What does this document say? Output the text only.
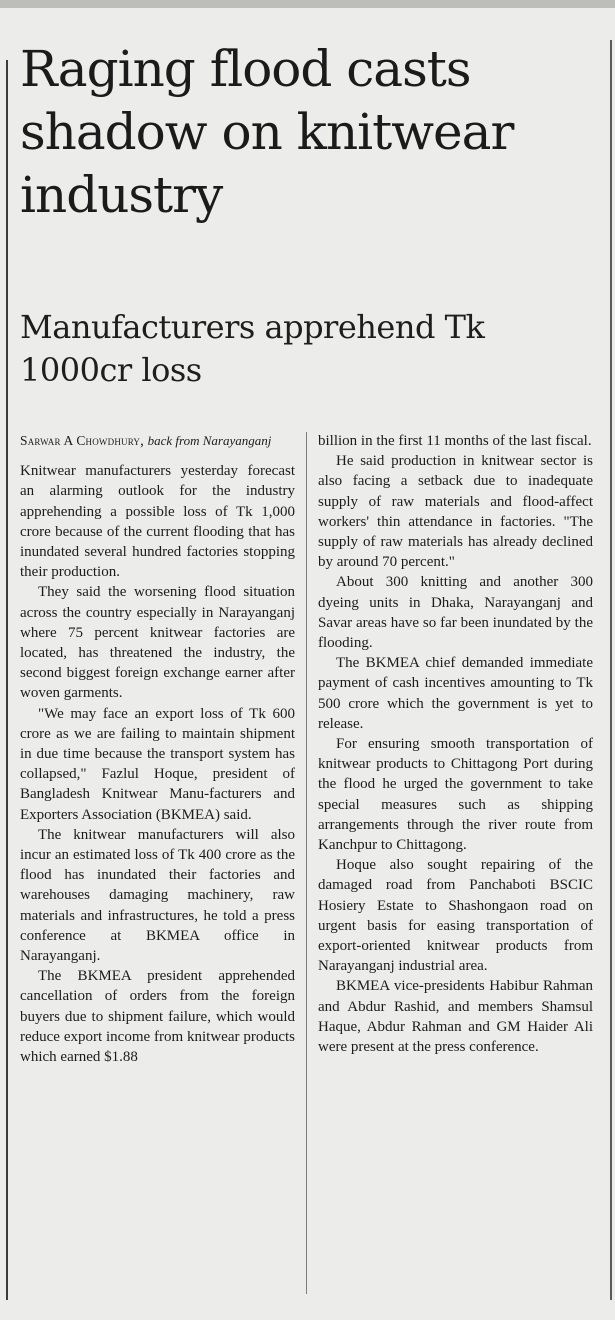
Raging flood casts shadow on knitwear industry
Manufacturers apprehend Tk 1000cr loss
Sarwar A Chowdhury, back from Narayanganj

Knitwear manufacturers yesterday forecast an alarming outlook for the industry apprehending a possible loss of Tk 1,000 crore because of the current flooding that has inundated several hundred factories stopping their production.

They said the worsening flood situation across the country especially in Narayanganj where 75 percent knitwear factories are located, has threatened the industry, the second biggest foreign exchange earner after woven garments.

"We may face an export loss of Tk 600 crore as we are failing to maintain shipment in due time because the transport system has collapsed," Fazlul Hoque, president of Bangladesh Knitwear Manu-facturers and Exporters Association (BKMEA) said.

The knitwear manufacturers will also incur an estimated loss of Tk 400 crore as the flood has inundated their factories and warehouses damaging machinery, raw materials and infrastructures, he told a press conference at BKMEA office in Narayanganj.

The BKMEA president apprehended cancellation of orders from the foreign buyers due to shipment failure, which would reduce export income from knitwear products which earned $1.88

billion in the first 11 months of the last fiscal.

He said production in knitwear sector is also facing a setback due to inadequate supply of raw materials and flood-affect workers' thin attendance in factories. "The supply of raw materials has already declined by around 70 percent."

About 300 knitting and another 300 dyeing units in Dhaka, Narayanganj and Savar areas have so far been inundated by the flooding.

The BKMEA chief demanded immediate payment of cash incentives amounting to Tk 500 crore which the government is yet to release.

For ensuring smooth transportation of knitwear products to Chittagong Port during the flood he urged the government to take special measures such as shipping arrangements through the river route from Kanchpur to Chittagong.

Hoque also sought repairing of the damaged road from Panchaboti BSCIC Hosiery Estate to Shashongaon road on urgent basis for easing transportation of export-oriented knitwear products from Narayanganj industrial area.

BKMEA vice-presidents Habibur Rahman and Abdur Rashid, and members Shamsul Haque, Abdur Rahman and GM Haider Ali were present at the press conference.
